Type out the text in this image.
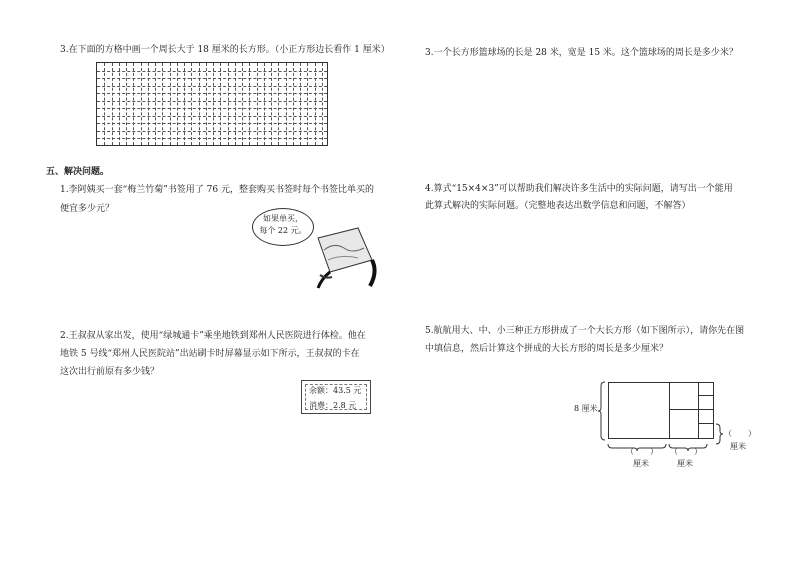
3.在下面的方格中画一个周长大于 18 厘米的长方形。（小正方形边长看作 1 厘米）
五、解决问题。
1.李阿姨买一套“梅兰竹菊”书签用了 76 元，整套购买书签时每个书签比单买的
便宜多少元？
如果单买，
每个 22 元。
2.王叔叔从家出发，使用“绿城通卡”乘坐地铁到郑州人民医院进行体检。他在
地铁 5 号线“郑州人民医院站”出站刷卡时屏幕显示如下所示，王叔叔的卡在
这次出行前原有多少钱？
余额：43.5 元
消费：2.8 元
3.一个长方形篮球场的长是 28 米，宽是 15 米。这个篮球场的周长是多少米？
4.算式“15×4×3”可以帮助我们解决许多生活中的实际问题，请写出一个能用
此算式解决的实际问题。（完整地表达出数学信息和问题，不解答）
5.航航用大、中、小三种正方形拼成了一个大长方形（如下图所示），请你先在图
中填信息，然后计算这个拼成的大长方形的周长是多少厘米？
8 厘米
（　　）
厘米
（　　）
厘米
（　　）
厘米
